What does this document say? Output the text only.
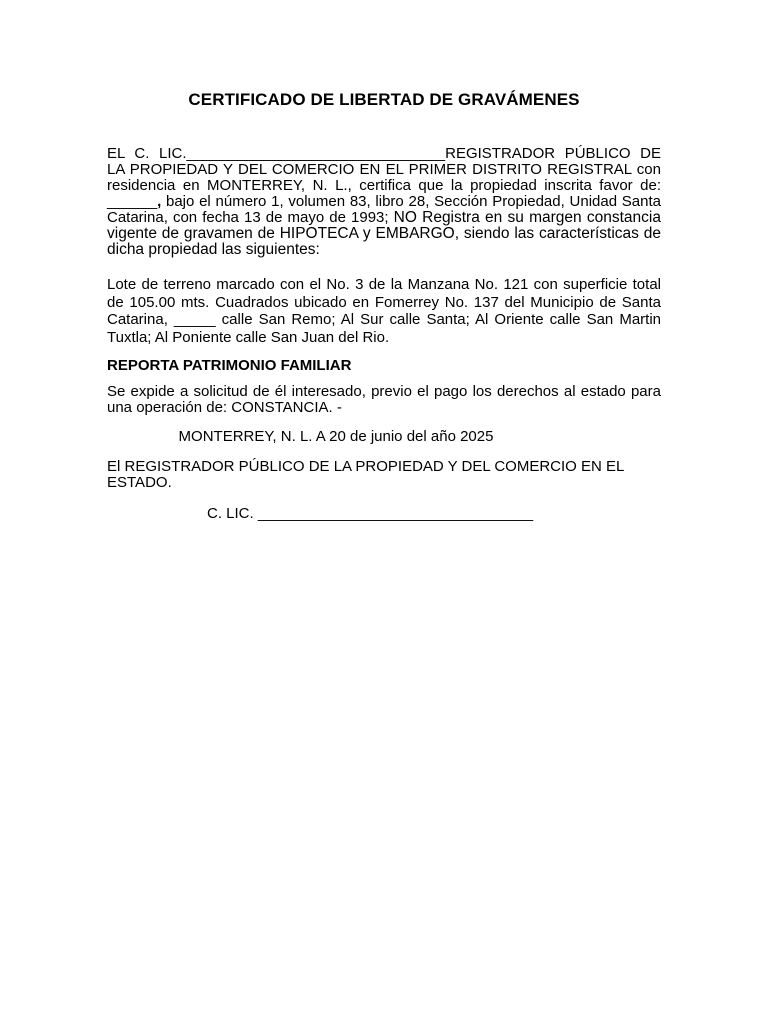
CERTIFICADO DE LIBERTAD DE GRAVÁMENES

EL C. LIC._______________________________REGISTRADOR PÚBLICO DE LA PROPIEDAD Y DEL COMERCIO EN EL PRIMER DISTRITO REGISTRAL con residencia en MONTERREY, N. L., certifica que la propiedad inscrita favor de: ______, bajo el número 1, volumen 83, libro 28, Sección Propiedad, Unidad Santa Catarina, con fecha 13 de mayo de 1993; NO Registra en su margen constancia vigente de gravamen de HIPOTECA y EMBARGO, siendo las características de dicha propiedad las siguientes:

Lote de terreno marcado con el No. 3 de la Manzana No. 121 con superficie total de 105.00 mts. Cuadrados ubicado en Fomerrey No. 137 del Municipio de Santa Catarina, _____ calle San Remo; Al Sur calle Santa; Al Oriente calle San Martin Tuxtla; Al Poniente calle San Juan del Rio.

REPORTA PATRIMONIO FAMILIAR

Se expide a solicitud de él interesado, previo el pago los derechos al estado para una operación de: CONSTANCIA. -

MONTERREY, N. L. A 20 de junio del año 2025

El REGISTRADOR PÚBLICO DE LA PROPIEDAD Y DEL COMERCIO EN EL ESTADO.

C. LIC. _________________________________
